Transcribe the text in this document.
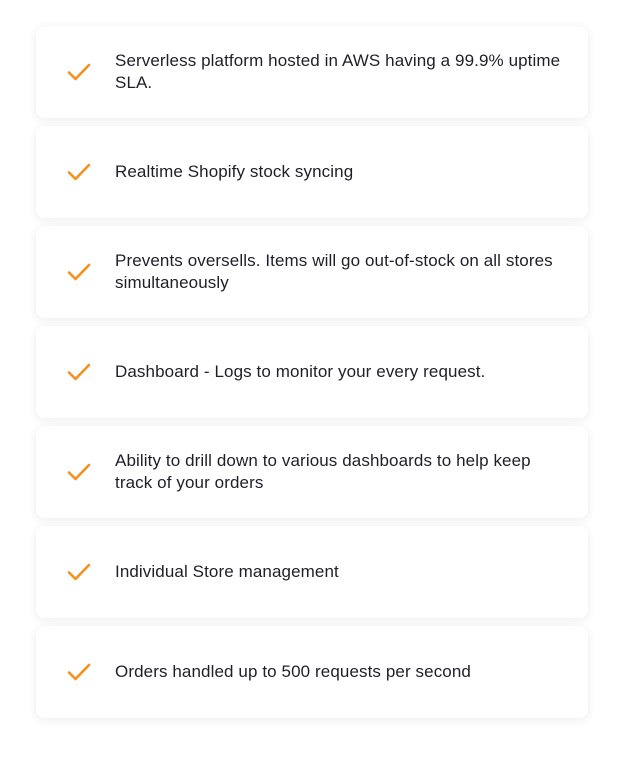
Serverless platform hosted in AWS having a 99.9% uptime SLA.
Realtime Shopify stock syncing
Prevents oversells. Items will go out-of-stock on all stores simultaneously
Dashboard - Logs to monitor your every request.
Ability to drill down to various dashboards to help keep track of your orders
Individual Store management
Orders handled up to 500 requests per second
